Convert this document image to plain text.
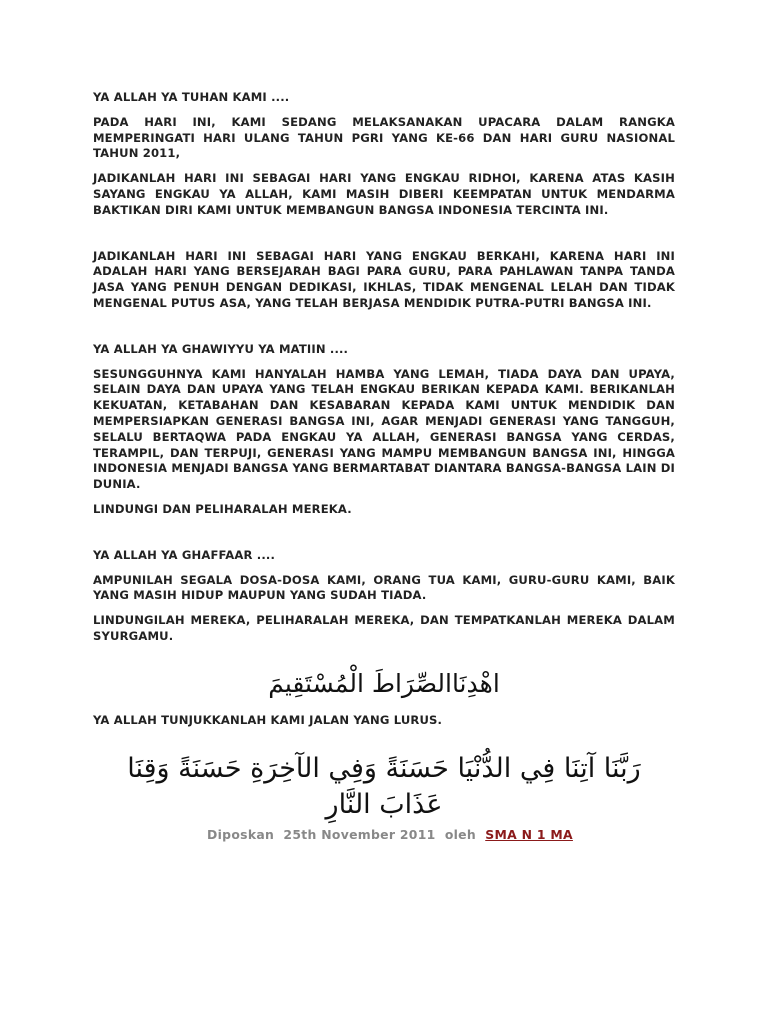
YA ALLAH YA TUHAN KAMI ....

PADA HARI INI, KAMI SEDANG MELAKSANAKAN UPACARA DALAM RANGKA MEMPERINGATI HARI ULANG TAHUN PGRI YANG KE-66 DAN HARI GURU NASIONAL TAHUN 2011,

JADIKANLAH HARI INI SEBAGAI HARI YANG ENGKAU RIDHOI, KARENA ATAS KASIH SAYANG ENGKAU YA ALLAH, KAMI MASIH DIBERI KEEMPATAN UNTUK MENDARMA BAKTIKAN DIRI KAMI UNTUK MEMBANGUN BANGSA INDONESIA TERCINTA INI.

JADIKANLAH HARI INI SEBAGAI HARI YANG ENGKAU BERKAHI, KARENA HARI INI ADALAH HARI YANG BERSEJARAH BAGI PARA GURU, PARA PAHLAWAN TANPA TANDA JASA YANG PENUH DENGAN DEDIKASI, IKHLAS, TIDAK MENGENAL LELAH DAN TIDAK MENGENAL PUTUS ASA, YANG TELAH BERJASA MENDIDIK PUTRA-PUTRI BANGSA INI.

YA ALLAH YA GHAWIYYU YA MATIIN ....

SESUNGGUHNYA KAMI HANYALAH HAMBA YANG LEMAH, TIADA DAYA DAN UPAYA, SELAIN DAYA DAN UPAYA YANG TELAH ENGKAU BERIKAN KEPADA KAMI. BERIKANLAH KEKUATAN, KETABAHAN DAN KESABARAN KEPADA KAMI UNTUK MENDIDIK DAN MEMPERSIAPKAN GENERASI BANGSA INI, AGAR MENJADI GENERASI YANG TANGGUH, SELALU BERTAQWA PADA ENGKAU YA ALLAH, GENERASI BANGSA YANG CERDAS, TERAMPIL, DAN TERPUJI, GENERASI YANG MAMPU MEMBANGUN BANGSA INI, HINGGA INDONESIA MENJADI BANGSA YANG BERMARTABAT DIANTARA BANGSA-BANGSA LAIN DI DUNIA.

LINDUNGI DAN PELIHARALAH MEREKA.

YA ALLAH YA GHAFFAAR ....

AMPUNILAH SEGALA DOSA-DOSA KAMI, ORANG TUA KAMI, GURU-GURU KAMI, BAIK YANG MASIH HIDUP MAUPUN YANG SUDAH TIADA.

LINDUNGILAH MEREKA, PELIHARALAH MEREKA, DAN TEMPATKANLAH MEREKA DALAM SYURGAMU.

اهْدِنَاالصِّرَاطَ الْمُسْتَقِيمَ

YA ALLAH TUNJUKKANLAH KAMI JALAN YANG LURUS.

رَبَّنَا آتِنَا فِي الدُّنْيَا حَسَنَةً وَفِي الآخِرَةِ حَسَنَةً وَقِنَا عَذَابَ النَّارِ

Diposkan 25th November 2011 oleh SMA N 1 MA
